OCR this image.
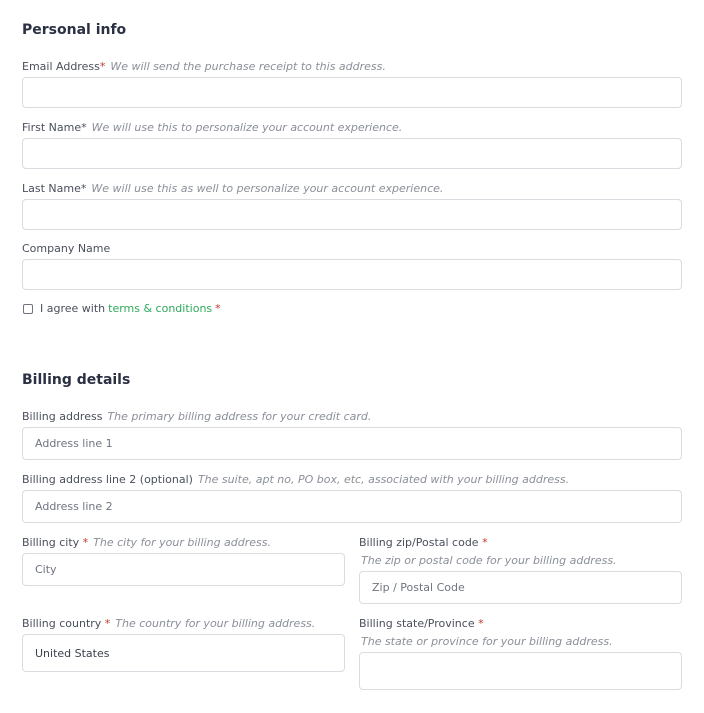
Personal info
Email Address* We will send the purchase receipt to this address.
First Name* We will use this to personalize your account experience.
Last Name* We will use this as well to personalize your account experience.
Company Name
I agree with terms & conditions *
Billing details
Billing address The primary billing address for your credit card.
Address line 1
Billing address line 2 (optional) The suite, apt no, PO box, etc, associated with your billing address.
Address line 2
Billing city * The city for your billing address.
City	Billing zip/Postal code *
The zip or postal code for your billing address.
Zip / Postal Code
Billing country * The country for your billing address.
United States	Billing state/Province *
The state or province for your billing address.
